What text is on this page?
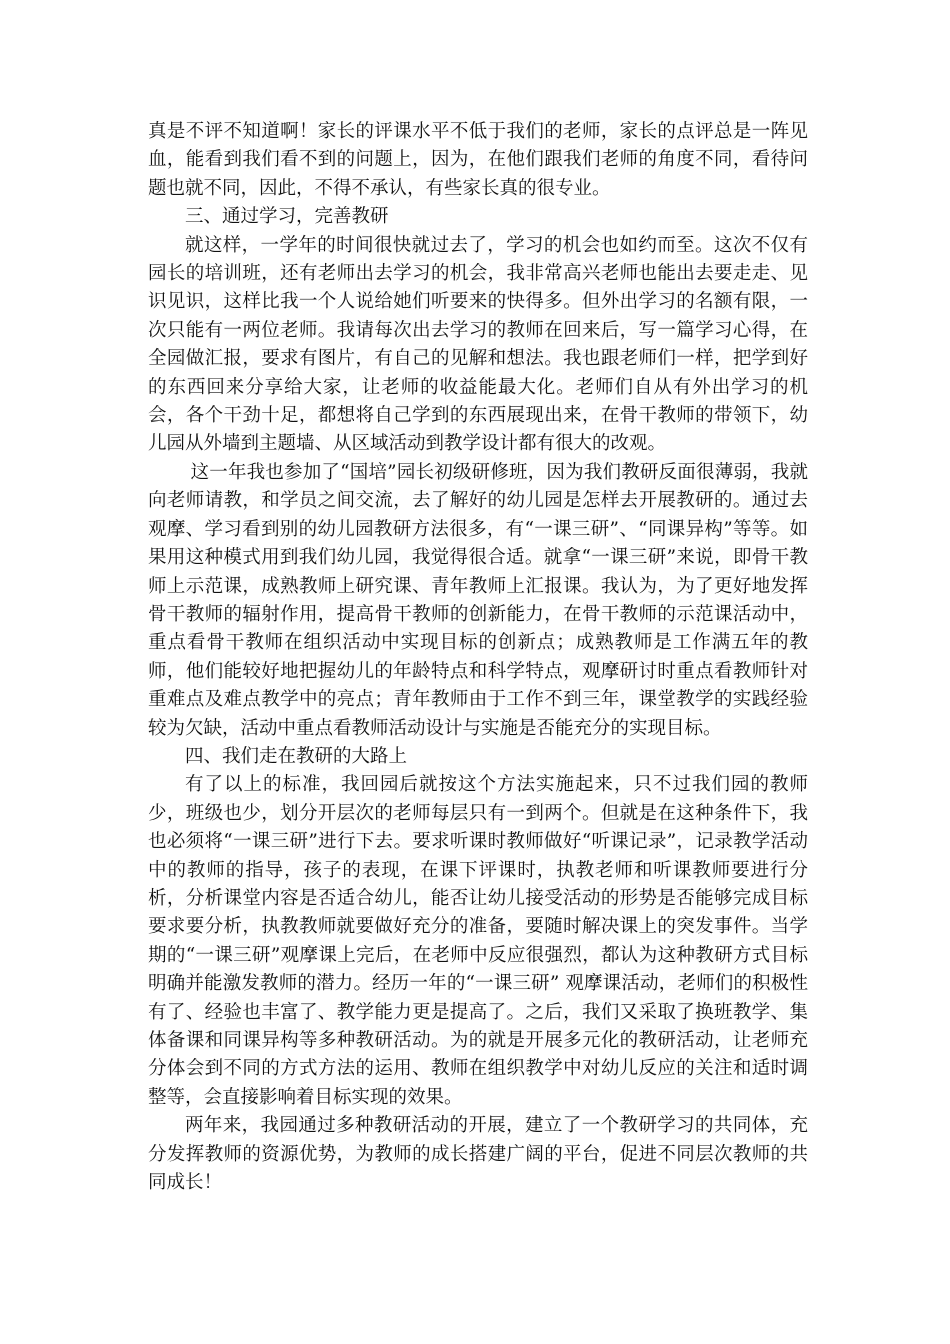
真是不评不知道啊！家长的评课水平不低于我们的老师，家长的点评总是一阵见血，能看到我们看不到的问题上，因为，在他们跟我们老师的角度不同，看待问题也就不同，因此，不得不承认，有些家长真的很专业。

三、通过学习，完善教研

就这样，一学年的时间很快就过去了，学习的机会也如约而至。这次不仅有园长的培训班，还有老师出去学习的机会，我非常高兴老师也能出去要走走、见识见识，这样比我一个人说给她们听要来的快得多。但外出学习的名额有限，一次只能有一两位老师。我请每次出去学习的教师在回来后，写一篇学习心得，在全园做汇报，要求有图片，有自己的见解和想法。我也跟老师们一样，把学到好的东西回来分享给大家，让老师的收益能最大化。老师们自从有外出学习的机会，各个干劲十足，都想将自己学到的东西展现出来，在骨干教师的带领下，幼儿园从外墙到主题墙、从区域活动到教学设计都有很大的改观。

这一年我也参加了“国培”园长初级研修班，因为我们教研反面很薄弱，我就向老师请教，和学员之间交流，去了解好的幼儿园是怎样去开展教研的。通过去观摩、学习看到别的幼儿园教研方法很多，有“一课三研”、“同课异构”等等。如果用这种模式用到我们幼儿园，我觉得很合适。就拿“一课三研”来说，即骨干教师上示范课，成熟教师上研究课、青年教师上汇报课。我认为，为了更好地发挥骨干教师的辐射作用，提高骨干教师的创新能力，在骨干教师的示范课活动中，重点看骨干教师在组织活动中实现目标的创新点；成熟教师是工作满五年的教师，他们能较好地把握幼儿的年龄特点和科学特点，观摩研讨时重点看教师针对重难点及难点教学中的亮点；青年教师由于工作不到三年，课堂教学的实践经验较为欠缺，活动中重点看教师活动设计与实施是否能充分的实现目标。

四、我们走在教研的大路上

有了以上的标准，我回园后就按这个方法实施起来，只不过我们园的教师少，班级也少，划分开层次的老师每层只有一到两个。但就是在这种条件下，我也必须将“一课三研”进行下去。要求听课时教师做好“听课记录”，记录教学活动中的教师的指导，孩子的表现，在课下评课时，执教老师和听课教师要进行分析，分析课堂内容是否适合幼儿，能否让幼儿接受活动的形势是否能够完成目标要求要分析，执教教师就要做好充分的准备，要随时解决课上的突发事件。当学期的“一课三研”观摩课上完后，在老师中反应很强烈，都认为这种教研方式目标明确并能激发教师的潜力。经历一年的“一课三研” 观摩课活动，老师们的积极性有了、经验也丰富了、教学能力更是提高了。之后，我们又采取了换班教学、集体备课和同课异构等多种教研活动。为的就是开展多元化的教研活动，让老师充分体会到不同的方式方法的运用、教师在组织教学中对幼儿反应的关注和适时调整等，会直接影响着目标实现的效果。

两年来，我园通过多种教研活动的开展，建立了一个教研学习的共同体，充分发挥教师的资源优势，为教师的成长搭建广阔的平台，促进不同层次教师的共同成长！
